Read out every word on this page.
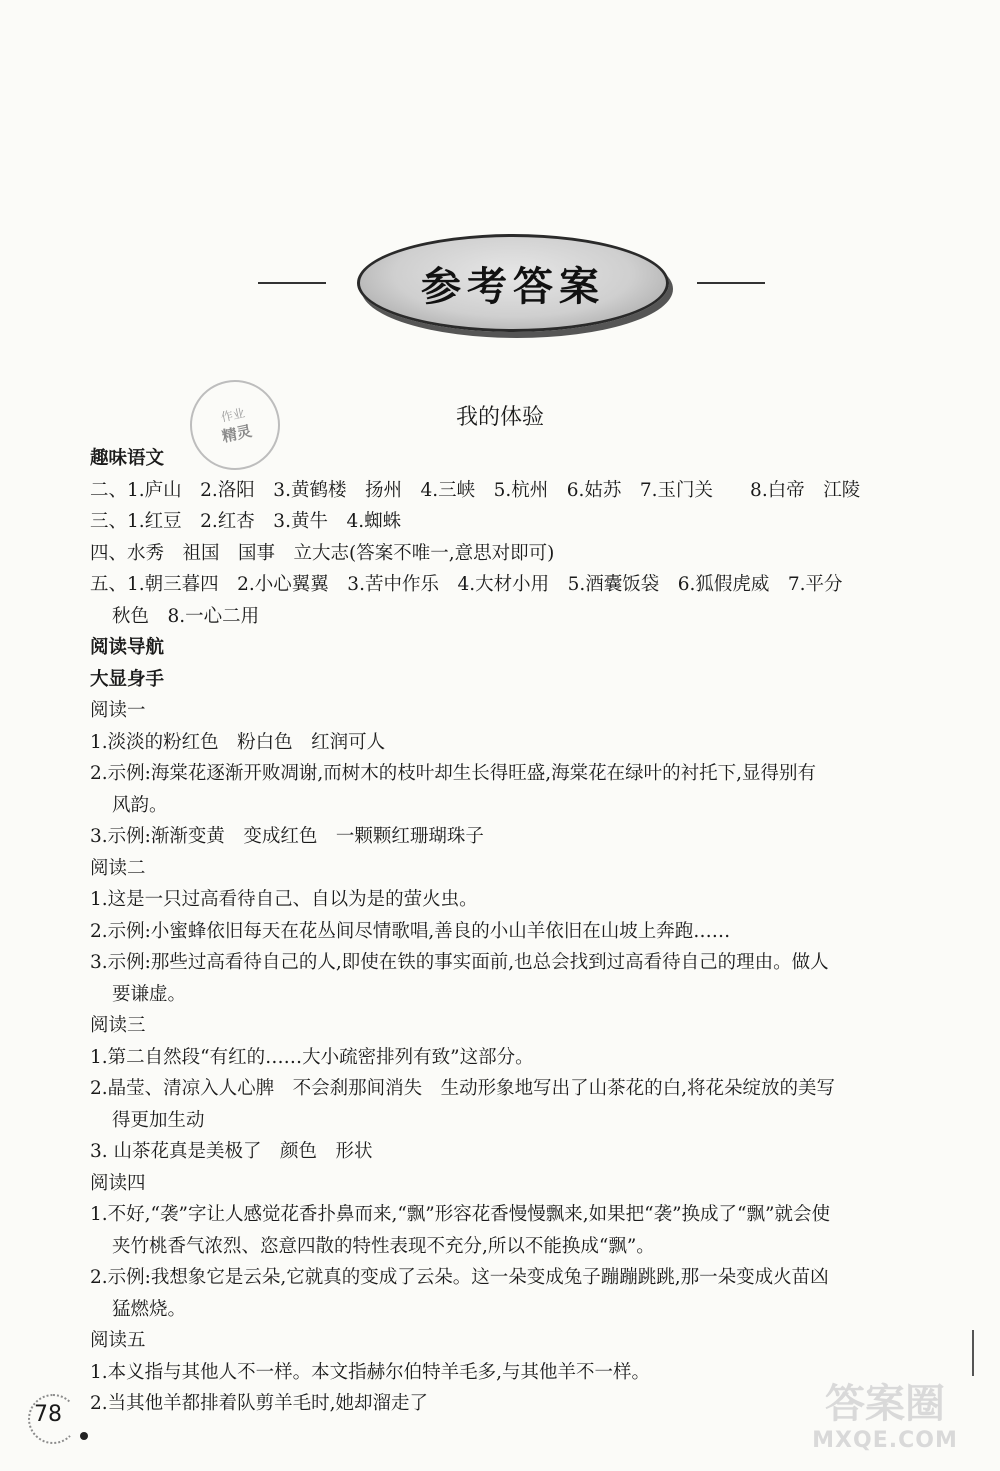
参考答案
作业
精灵
我的体验
趣味语文
二、1.庐山　2.洛阳　3.黄鹤楼　扬州　4.三峡　5.杭州　6.姑苏　7.玉门关　　8.白帝　江陵
三、1.红豆　2.红杏　3.黄牛　4.蜘蛛
四、水秀　祖国　国事　立大志(答案不唯一,意思对即可)
五、1.朝三暮四　2.小心翼翼　3.苦中作乐　4.大材小用　5.酒囊饭袋　6.狐假虎威　7.平分
秋色　8.一心二用
阅读导航
大显身手
阅读一
1.淡淡的粉红色　粉白色　红润可人
2.示例:海棠花逐渐开败凋谢,而树木的枝叶却生长得旺盛,海棠花在绿叶的衬托下,显得别有
风韵。
3.示例:渐渐变黄　变成红色　一颗颗红珊瑚珠子
阅读二
1.这是一只过高看待自己、自以为是的萤火虫。
2.示例:小蜜蜂依旧每天在花丛间尽情歌唱,善良的小山羊依旧在山坡上奔跑……
3.示例:那些过高看待自己的人,即使在铁的事实面前,也总会找到过高看待自己的理由。做人
要谦虚。
阅读三
1.第二自然段“有红的……大小疏密排列有致”这部分。
2.晶莹、清凉入人心脾　不会刹那间消失　生动形象地写出了山茶花的白,将花朵绽放的美写
得更加生动
3. 山茶花真是美极了　颜色　形状
阅读四
1.不好,“袭”字让人感觉花香扑鼻而来,“飘”形容花香慢慢飘来,如果把“袭”换成了“飘”就会使
夹竹桃香气浓烈、恣意四散的特性表现不充分,所以不能换成“飘”。
2.示例:我想象它是云朵,它就真的变成了云朵。这一朵变成兔子蹦蹦跳跳,那一朵变成火苗凶
猛燃烧。
阅读五
1.本义指与其他人不一样。本文指赫尔伯特羊毛多,与其他羊不一样。
2.当其他羊都排着队剪羊毛时,她却溜走了
78	答案圈
MXQE.COM
